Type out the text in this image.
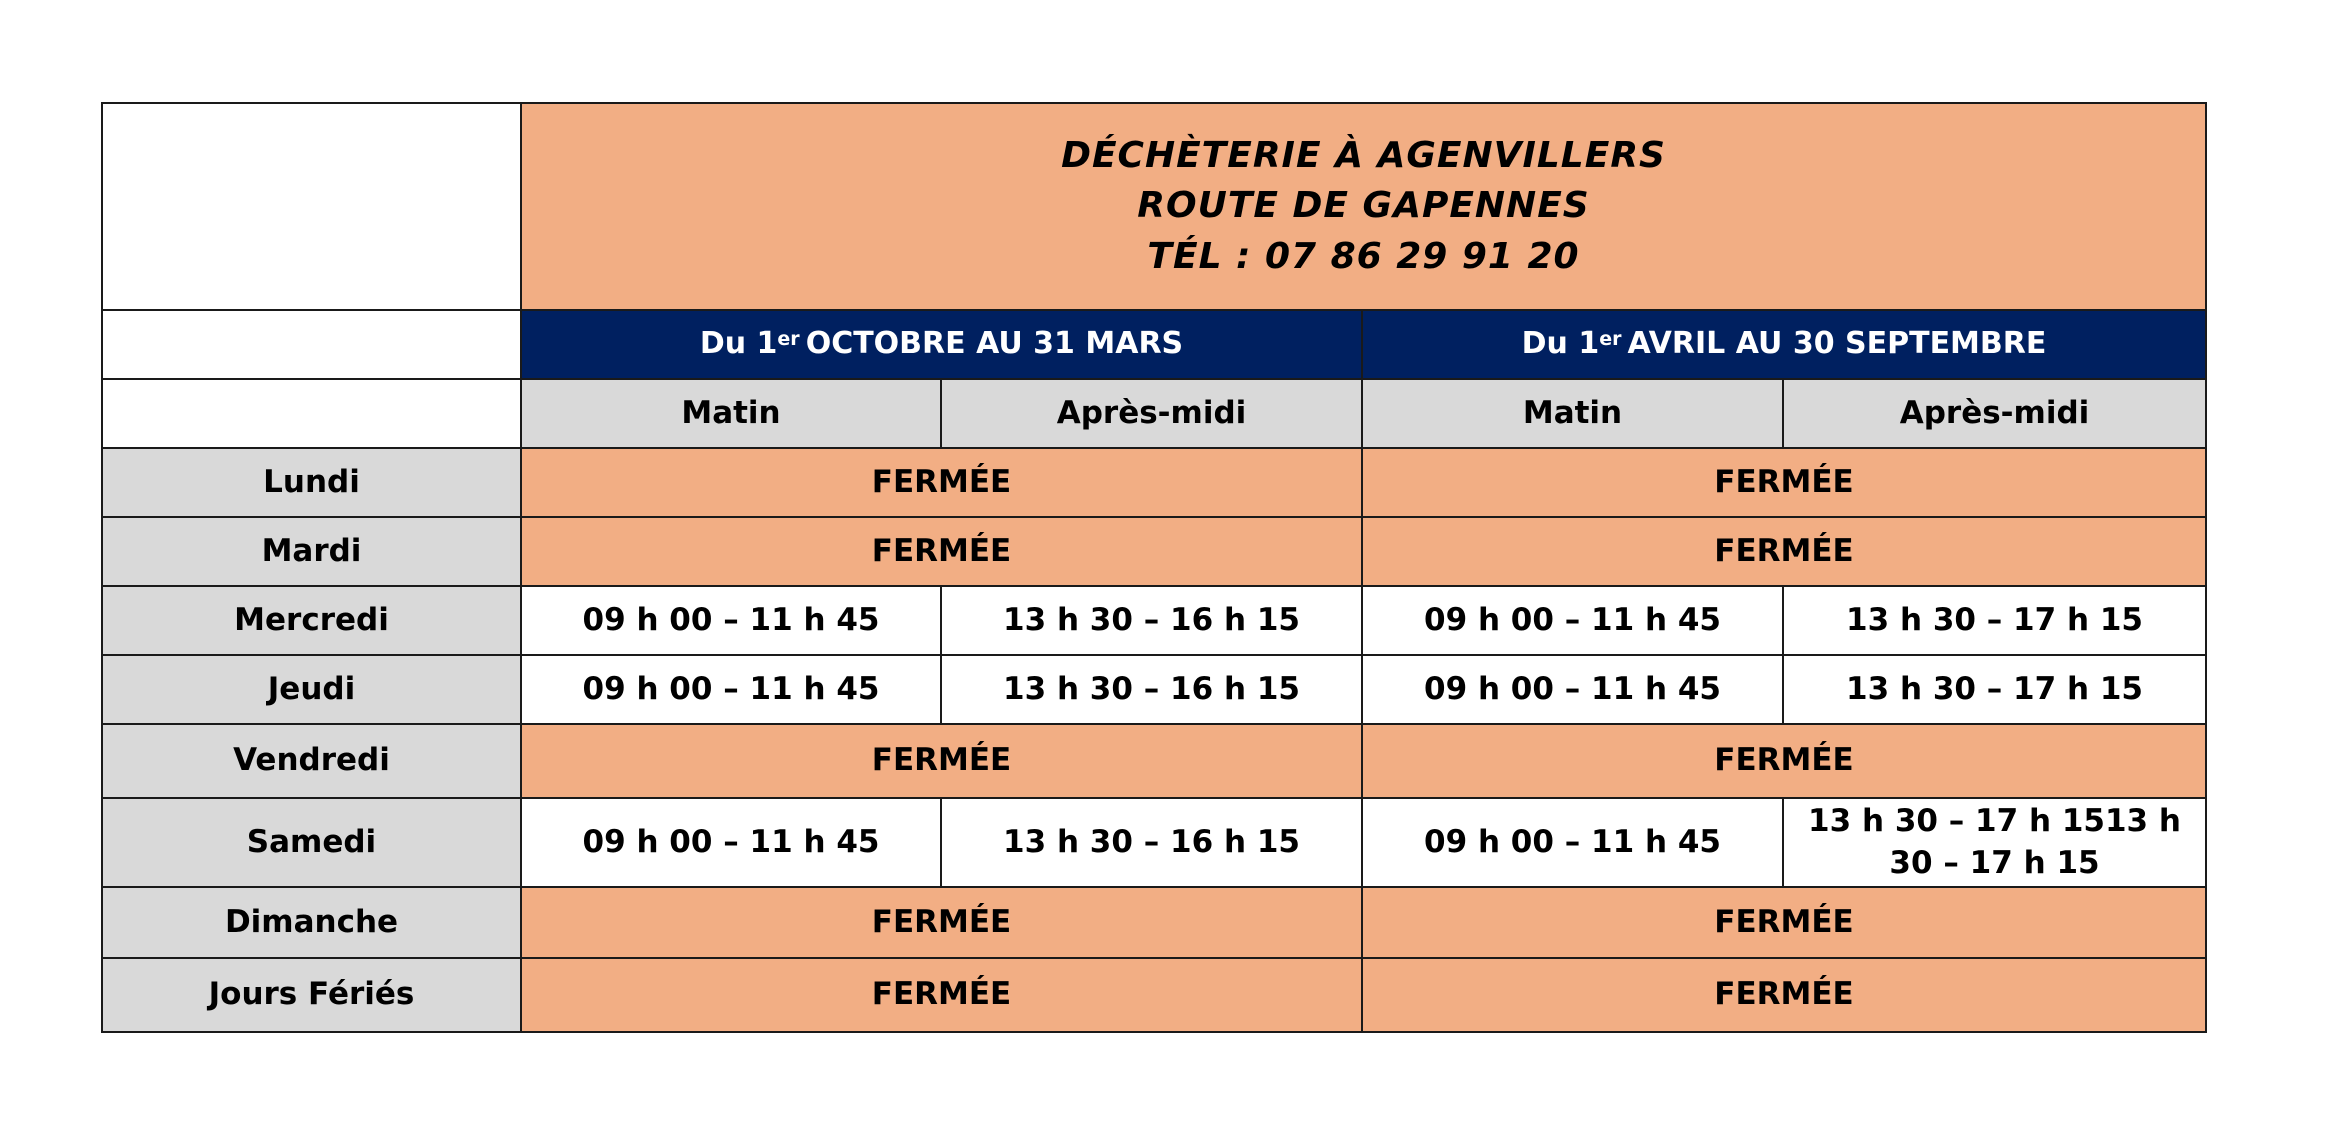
	DÉCHÈTERIE À AGENVILLERS
ROUTE DE GAPENNES
TÉL : 07 86 29 91 20			

	Du 1er OCTOBRE AU 31 MARS		Du 1er AVRIL AU 30 SEPTEMBRE	
	Matin	Après-midi	Matin	Après-midi
Lundi	FERMÉE		FERMÉE	
Mardi	FERMÉE		FERMÉE	
Mercredi	09 h 00 – 11 h 45	13 h 30 – 16 h 15	09 h 00 – 11 h 45	13 h 30 – 17 h 15
Jeudi	09 h 00 – 11 h 45	13 h 30 – 16 h 15	09 h 00 – 11 h 45	13 h 30 – 17 h 15
Vendredi	FERMÉE		FERMÉE	
Samedi	09 h 00 – 11 h 45	13 h 30 – 16 h 15	09 h 00 – 11 h 45	13 h 30 – 17 h 1513 h 30 – 17 h 15
Dimanche	FERMÉE		FERMÉE	
Jours Fériés	FERMÉE		FERMÉE	
